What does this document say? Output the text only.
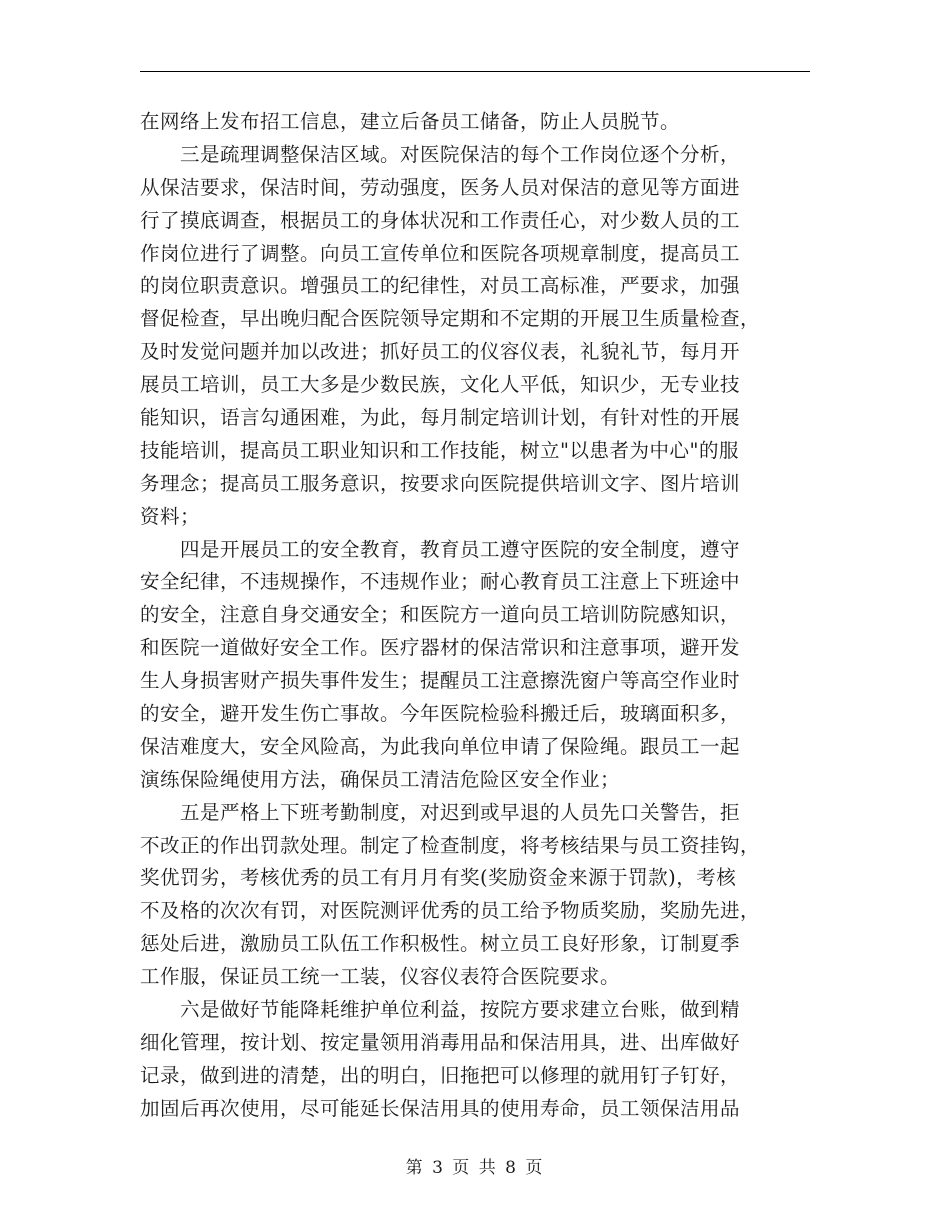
在网络上发布招工信息，建立后备员工储备，防止人员脱节。
三是疏理调整保洁区域。对医院保洁的每个工作岗位逐个分析，
从保洁要求，保洁时间，劳动强度，医务人员对保洁的意见等方面进
行了摸底调查，根据员工的身体状况和工作责任心，对少数人员的工
作岗位进行了调整。向员工宣传单位和医院各项规章制度，提高员工
的岗位职责意识。增强员工的纪律性，对员工高标准，严要求，加强
督促检查，早出晚归配合医院领导定期和不定期的开展卫生质量检查，
及时发觉问题并加以改进；抓好员工的仪容仪表，礼貌礼节，每月开
展员工培训，员工大多是少数民族，文化人平低，知识少，无专业技
能知识，语言勾通困难，为此，每月制定培训计划，有针对性的开展
技能培训，提高员工职业知识和工作技能，树立"以患者为中心"的服
务理念；提高员工服务意识，按要求向医院提供培训文字、图片培训
资料；
四是开展员工的安全教育，教育员工遵守医院的安全制度，遵守
安全纪律，不违规操作，不违规作业；耐心教育员工注意上下班途中
的安全，注意自身交通安全；和医院方一道向员工培训防院感知识，
和医院一道做好安全工作。医疗器材的保洁常识和注意事项，避开发
生人身损害财产损失事件发生；提醒员工注意擦洗窗户等高空作业时
的安全，避开发生伤亡事故。今年医院检验科搬迁后，玻璃面积多，
保洁难度大，安全风险高，为此我向单位申请了保险绳。跟员工一起
演练保险绳使用方法，确保员工清洁危险区安全作业；
五是严格上下班考勤制度，对迟到或早退的人员先口关警告，拒
不改正的作出罚款处理。制定了检查制度，将考核结果与员工资挂钩，
奖优罚劣，考核优秀的员工有月月有奖(奖励资金来源于罚款)，考核
不及格的次次有罚，对医院测评优秀的员工给予物质奖励，奖励先进，
惩处后进，激励员工队伍工作积极性。树立员工良好形象，订制夏季
工作服，保证员工统一工装，仪容仪表符合医院要求。
六是做好节能降耗维护单位利益，按院方要求建立台账，做到精
细化管理，按计划、按定量领用消毒用品和保洁用具，进、出库做好
记录，做到进的清楚，出的明白，旧拖把可以修理的就用钉子钉好，
加固后再次使用，尽可能延长保洁用具的使用寿命，员工领保洁用品
第 3 页 共 8 页
